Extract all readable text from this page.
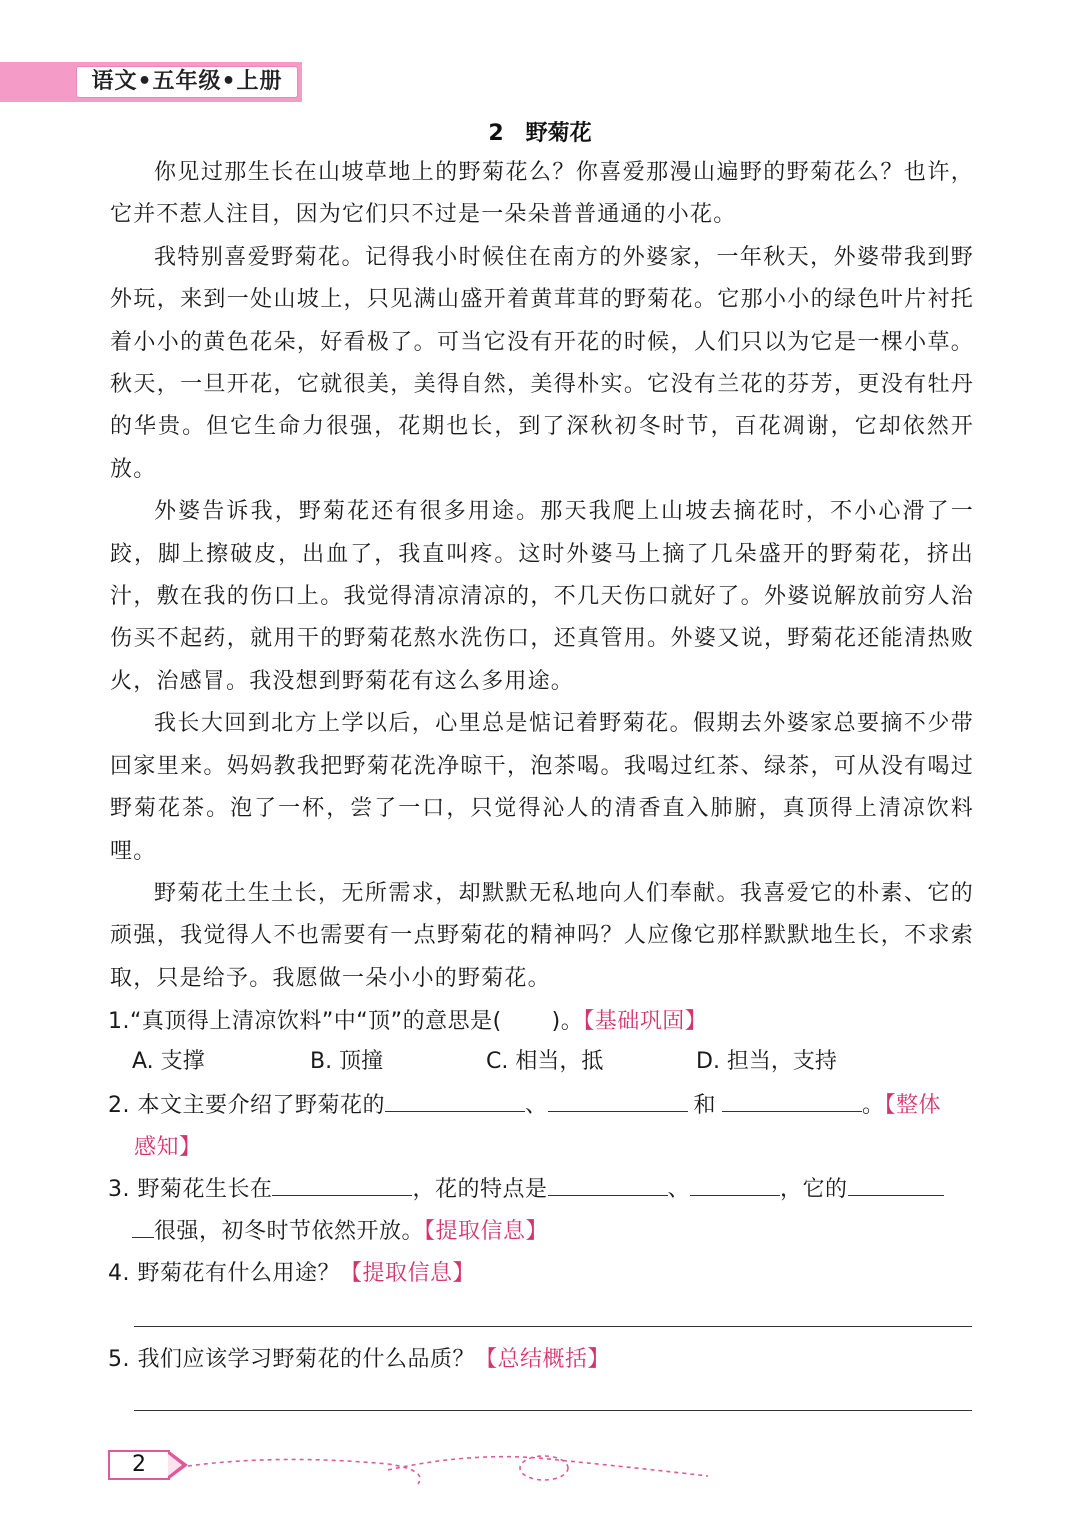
语文•五年级•上册
2 野菊花

你见过那生长在山坡草地上的野菊花么？你喜爱那漫山遍野的野菊花么？也许，它并不惹人注目，因为它们只不过是一朵朵普普通通的小花。

我特别喜爱野菊花。记得我小时候住在南方的外婆家，一年秋天，外婆带我到野外玩，来到一处山坡上，只见满山盛开着黄茸茸的野菊花。它那小小的绿色叶片衬托着小小的黄色花朵，好看极了。可当它没有开花的时候，人们只以为它是一棵小草。秋天，一旦开花，它就很美，美得自然，美得朴实。它没有兰花的芬芳，更没有牡丹的华贵。但它生命力很强，花期也长，到了深秋初冬时节，百花凋谢，它却依然开放。

外婆告诉我，野菊花还有很多用途。那天我爬上山坡去摘花时，不小心滑了一跤，脚上擦破皮，出血了，我直叫疼。这时外婆马上摘了几朵盛开的野菊花，挤出汁，敷在我的伤口上。我觉得清凉清凉的，不几天伤口就好了。外婆说解放前穷人治伤买不起药，就用干的野菊花熬水洗伤口，还真管用。外婆又说，野菊花还能清热败火，治感冒。我没想到野菊花有这么多用途。

我长大回到北方上学以后，心里总是惦记着野菊花。假期去外婆家总要摘不少带回家里来。妈妈教我把野菊花洗净晾干，泡茶喝。我喝过红茶、绿茶，可从没有喝过野菊花茶。泡了一杯，尝了一口，只觉得沁人的清香直入肺腑，真顶得上清凉饮料哩。

野菊花土生土长，无所需求，却默默无私地向人们奉献。我喜爱它的朴素、它的顽强，我觉得人不也需要有一点野菊花的精神吗？人应像它那样默默地生长，不求索取，只是给予。我愿做一朵小小的野菊花。

1.“真顶得上清凉饮料”中“顶”的意思是( )。【基础巩固】
A. 支撑	B. 顶撞	C. 相当，抵	D. 担当，支持
2. 本文主要介绍了野菊花的	、	和	。【整体
感知】
3. 野菊花生长在	，花的特点是	、	，它的
很强，初冬时节依然开放。【提取信息】
4. 野菊花有什么用途？【提取信息】
5. 我们应该学习野菊花的什么品质？【总结概括】
2
